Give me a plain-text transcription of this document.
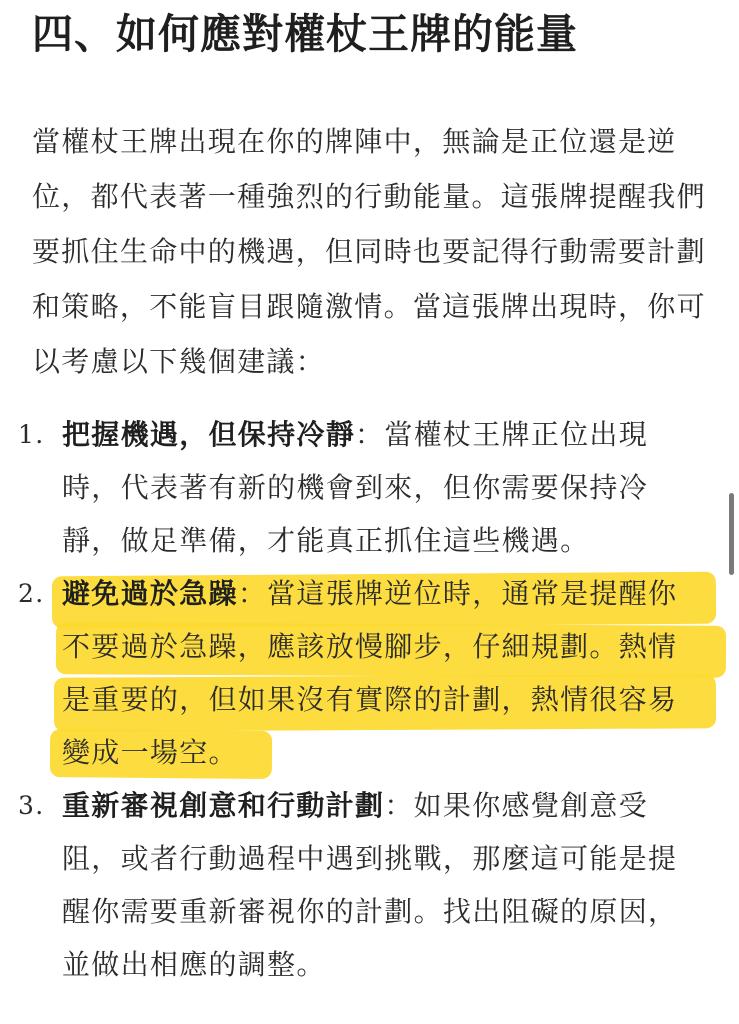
四、如何應對權杖王牌的能量

當權杖王牌出現在你的牌陣中，無論是正位還是逆位，都代表著一種強烈的行動能量。這張牌提醒我們要抓住生命中的機遇，但同時也要記得行動需要計劃和策略，不能盲目跟隨激情。當這張牌出現時，你可以考慮以下幾個建議：

1. 把握機遇，但保持冷靜：當權杖王牌正位出現時，代表著有新的機會到來，但你需要保持冷靜，做足準備，才能真正抓住這些機遇。
2. 避免過於急躁：當這張牌逆位時，通常是提醒你不要過於急躁，應該放慢腳步，仔細規劃。熱情是重要的，但如果沒有實際的計劃，熱情很容易變成一場空。
3. 重新審視創意和行動計劃：如果你感覺創意受阻，或者行動過程中遇到挑戰，那麼這可能是提醒你需要重新審視你的計劃。找出阻礙的原因，並做出相應的調整。
